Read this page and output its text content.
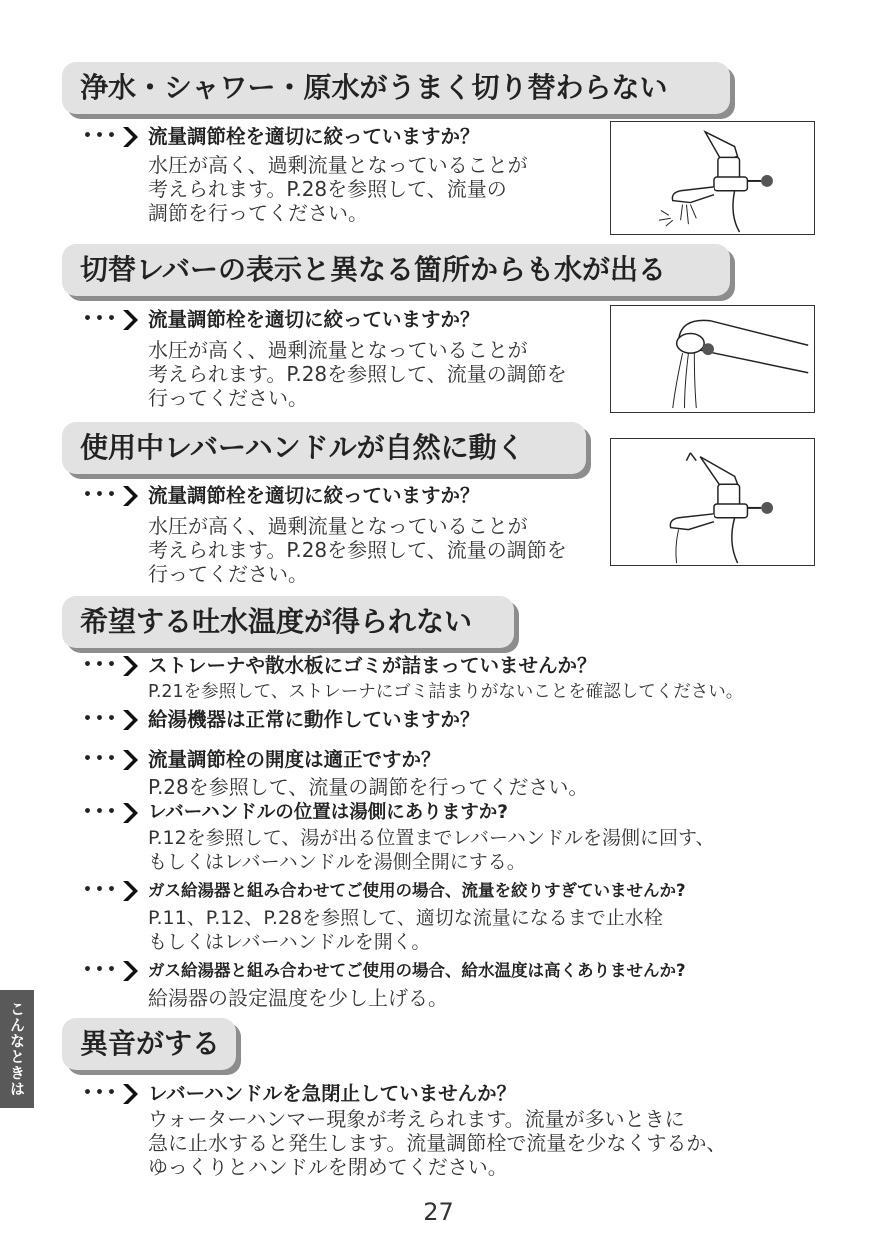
浄水・シャワー・原水がうまく切り替わらない
･･･ 流量調節栓を適切に絞っていますか？
水圧が高く、過剰流量となっていることが
考えられます。P.28を参照して、流量の
調節を行ってください。
切替レバーの表示と異なる箇所からも水が出る
･･･ 流量調節栓を適切に絞っていますか？
水圧が高く、過剰流量となっていることが
考えられます。P.28を参照して、流量の調節を
行ってください。
使用中レバーハンドルが自然に動く
･･･ 流量調節栓を適切に絞っていますか？
水圧が高く、過剰流量となっていることが
考えられます。P.28を参照して、流量の調節を
行ってください。
希望する吐水温度が得られない
･･･ ストレーナや散水板にゴミが詰まっていませんか？
P.21を参照して、ストレーナにゴミ詰まりがないことを確認してください。
･･･ 給湯機器は正常に動作していますか？
･･･ 流量調節栓の開度は適正ですか？
P.28を参照して、流量の調節を行ってください。
･･･ レバーハンドルの位置は湯側にありますか?
P.12を参照して、湯が出る位置までレバーハンドルを湯側に回す、
もしくはレバーハンドルを湯側全開にする。
･･･ ガス給湯器と組み合わせてご使用の場合、流量を絞りすぎていませんか?
P.11、P.12、P.28を参照して、適切な流量になるまで止水栓
もしくはレバーハンドルを開く。
･･･ ガス給湯器と組み合わせてご使用の場合、給水温度は高くありませんか?
給湯器の設定温度を少し上げる。
異音がする
･･･ レバーハンドルを急閉止していませんか？
ウォーターハンマー現象が考えられます。流量が多いときに
急に止水すると発生します。流量調節栓で流量を少なくするか、
ゆっくりとハンドルを閉めてください。
こんなときは
27
